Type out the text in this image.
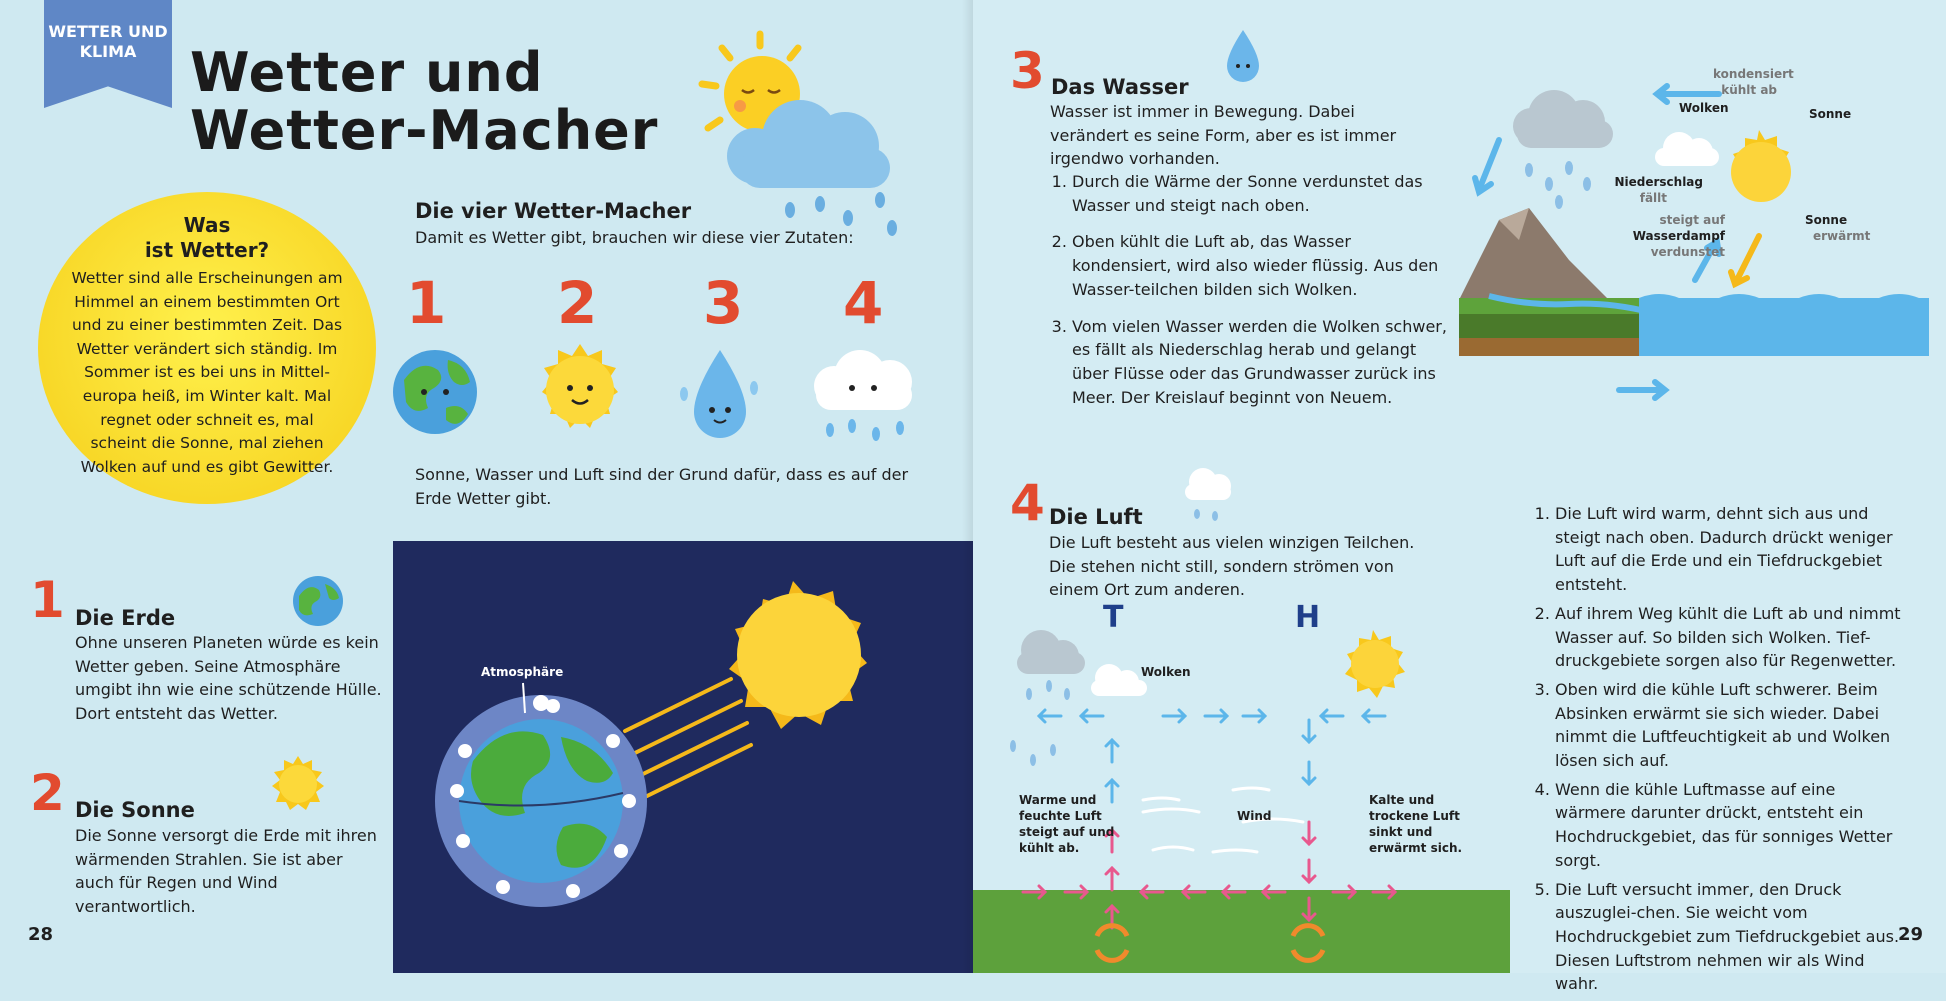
WETTER UND KLIMA Wetter und
Wetter-Macher
Was
ist Wetter?
Wetter sind alle Erscheinungen am Himmel an einem bestimmten Ort und zu einer bestimmten Zeit. Das Wetter verändert sich ständig. Im Sommer ist es bei uns in Mittel-europa heiß, im Winter kalt. Mal regnet oder schneit es, mal scheint die Sonne, mal ziehen Wolken auf und es gibt Gewitter.
Die vier Wetter-Macher
Damit es Wetter gibt, brauchen wir diese vier Zutaten:
1 2 3 4
Sonne, Wasser und Luft sind der Grund dafür, dass es auf der Erde Wetter gibt.
1 Die Erde
Ohne unseren Planeten würde es kein Wetter geben. Seine Atmosphäre umgibt ihn wie eine schützende Hülle. Dort entsteht das Wetter.
2 Die Sonne
Die Sonne versorgt die Erde mit ihren wärmenden Strahlen. Sie ist aber auch für Regen und Wind verantwortlich.
28
Atmosphäre
3 Das Wasser
Wasser ist immer in Bewegung. Dabei verändert es seine Form, aber es ist immer irgendwo vorhanden.
1. Durch die Wärme der Sonne verdunstet das Wasser und steigt nach oben.
2. Oben kühlt die Luft ab, das Wasser kondensiert, wird also wieder flüssig. Aus den Wasser-teilchen bilden sich Wolken.
3. Vom vielen Wasser werden die Wolken schwer, es fällt als Niederschlag herab und gelangt über Flüsse oder das Grundwasser zurück ins Meer. Der Kreislauf beginnt von Neuem.
kondensiert
kühlt ab
Wolken	Sonne
Niederschlag
fällt
steigt auf
Wasserdampf
verdunstet
Sonne
erwärmt
4 Die Luft
Die Luft besteht aus vielen winzigen Teilchen. Die stehen nicht still, sondern strömen von einem Ort zum anderen.
T	H
Wolken
Wind
Warme und feuchte Luft steigt auf und kühlt ab.
Kalte und trockene Luft sinkt und erwärmt sich.
1. Die Luft wird warm, dehnt sich aus und steigt nach oben. Dadurch drückt weniger Luft auf die Erde und ein Tiefdruckgebiet entsteht.
2. Auf ihrem Weg kühlt die Luft ab und nimmt Wasser auf. So bilden sich Wolken. Tief-druckgebiete sorgen also für Regenwetter.
3. Oben wird die kühle Luft schwerer. Beim Absinken erwärmt sie sich wieder. Dabei nimmt die Luftfeuchtigkeit ab und Wolken lösen sich auf.
4. Wenn die kühle Luftmasse auf eine wärmere darunter drückt, entsteht ein Hochdruckgebiet, das für sonniges Wetter sorgt.
5. Die Luft versucht immer, den Druck auszuglei-chen. Sie weicht vom Hochdruckgebiet zum Tiefdruckgebiet aus. Diesen Luftstrom nehmen wir als Wind wahr.
29
